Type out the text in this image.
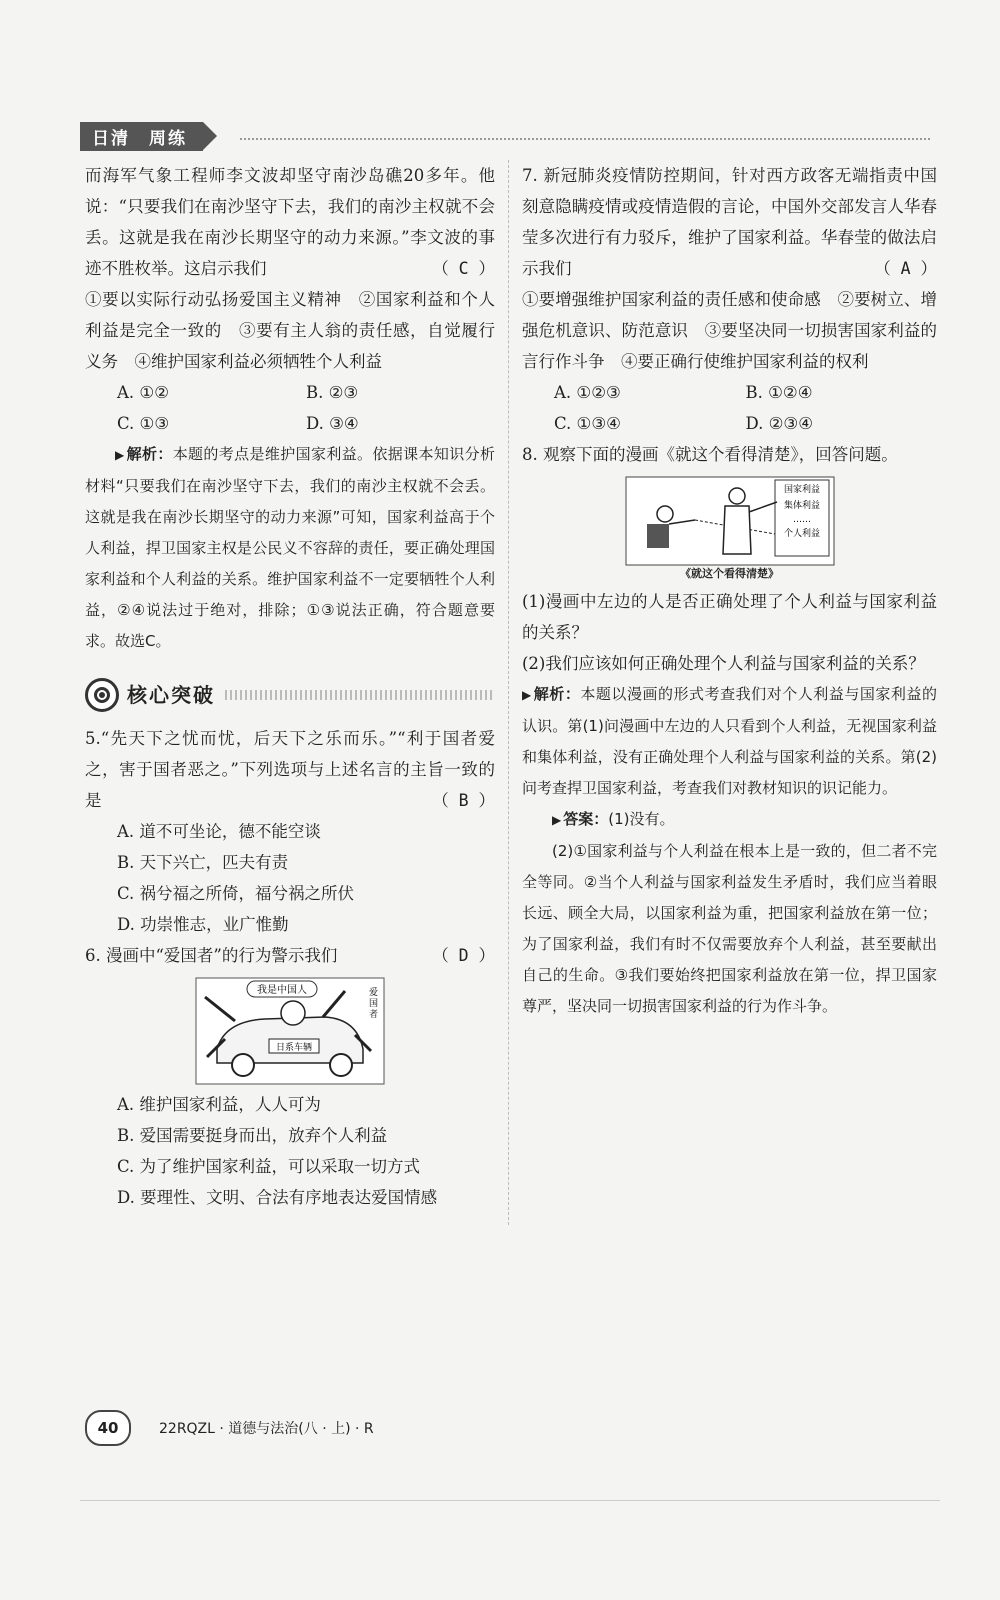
日清　周练

而海军气象工程师李文波却坚守南沙岛礁20多年。他说：“只要我们在南沙坚守下去，我们的南沙主权就不会丢。这就是我在南沙长期坚守的动力来源。”李文波的事迹不胜枚举。这启示我们	（ C ）

①要以实际行动弘扬爱国主义精神　②国家利益和个人利益是完全一致的　③要有主人翁的责任感，自觉履行义务　④维护国家利益必须牺牲个人利益

A. ①②	B. ②③
C. ①③	D. ③④

▶ 解析：本题的考点是维护国家利益。依据课本知识分析材料“只要我们在南沙坚守下去，我们的南沙主权就不会丢。这就是我在南沙长期坚守的动力来源”可知，国家利益高于个人利益，捍卫国家主权是公民义不容辞的责任，要正确处理国家利益和个人利益的关系。维护国家利益不一定要牺牲个人利益，②④说法过于绝对，排除；①③说法正确，符合题意要求。故选C。

核心突破

5.“先天下之忧而忧，后天下之乐而乐。”“利于国者爱之，害于国者恶之。”下列选项与上述名言的主旨一致的是	（ B ）

A. 道不可坐论，德不能空谈

B. 天下兴亡，匹夫有责

C. 祸兮福之所倚，福兮祸之所伏

D. 功崇惟志，业广惟勤

6. 漫画中“爱国者”的行为警示我们	（ D ）

我是中国人
日系车辆
爱
国
者

A. 维护国家利益，人人可为

B. 爱国需要挺身而出，放弃个人利益

C. 为了维护国家利益，可以采取一切方式

D. 要理性、文明、合法有序地表达爱国情感

7. 新冠肺炎疫情防控期间，针对西方政客无端指责中国刻意隐瞒疫情或疫情造假的言论，中国外交部发言人华春莹多次进行有力驳斥，维护了国家利益。华春莹的做法启示我们	（ A ）

①要增强维护国家利益的责任感和使命感　②要树立、增强危机意识、防范意识　③要坚决同一切损害国家利益的言行作斗争　④要正确行使维护国家利益的权利

A. ①②③	B. ①②④
C. ①③④	D. ②③④

8. 观察下面的漫画《就这个看得清楚》，回答问题。

国家利益
集体利益
……
个人利益
《就这个看得清楚》

(1)漫画中左边的人是否正确处理了个人利益与国家利益的关系？

(2)我们应该如何正确处理个人利益与国家利益的关系？

▶ 解析：本题以漫画的形式考查我们对个人利益与国家利益的认识。第(1)问漫画中左边的人只看到个人利益，无视国家利益和集体利益，没有正确处理个人利益与国家利益的关系。第(2)问考查捍卫国家利益，考查我们对教材知识的识记能力。

▶ 答案：(1)没有。

(2)①国家利益与个人利益在根本上是一致的，但二者不完全等同。②当个人利益与国家利益发生矛盾时，我们应当着眼长远、顾全大局，以国家利益为重，把国家利益放在第一位；为了国家利益，我们有时不仅需要放弃个人利益，甚至要献出自己的生命。③我们要始终把国家利益放在第一位，捍卫国家尊严，坚决同一切损害国家利益的行为作斗争。

40	22RQZL · 道德与法治(八 · 上) · R
